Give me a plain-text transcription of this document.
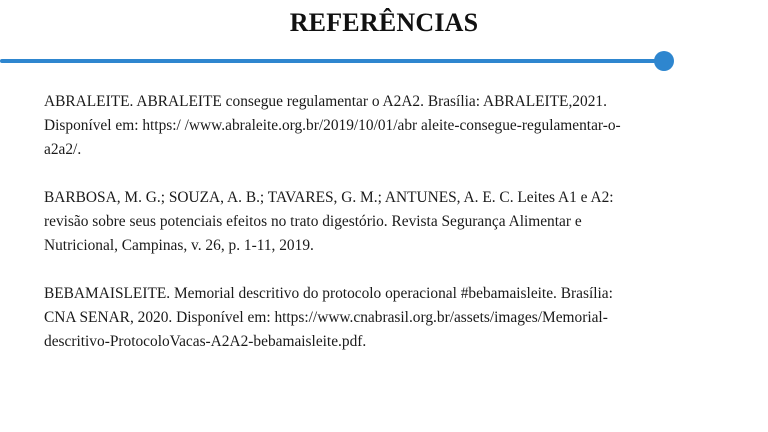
REFERÊNCIAS

ABRALEITE. ABRALEITE consegue regulamentar o A2A2. Brasília: ABRALEITE,2021.
Disponível em: https:/ /www.abraleite.org.br/2019/10/01/abr aleite-consegue-regulamentar-o-
a2a2/.

BARBOSA, M. G.; SOUZA, A. B.; TAVARES, G. M.; ANTUNES, A. E. C. Leites A1 e A2:
revisão sobre seus potenciais efeitos no trato digestório. Revista Segurança Alimentar e
Nutricional, Campinas, v. 26, p. 1-11, 2019.

BEBAMAISLEITE. Memorial descritivo do protocolo operacional #bebamaisleite. Brasília:
CNA SENAR, 2020. Disponível em: https://www.cnabrasil.org.br/assets/images/Memorial-
descritivo-ProtocoloVacas-A2A2-bebamaisleite.pdf.
